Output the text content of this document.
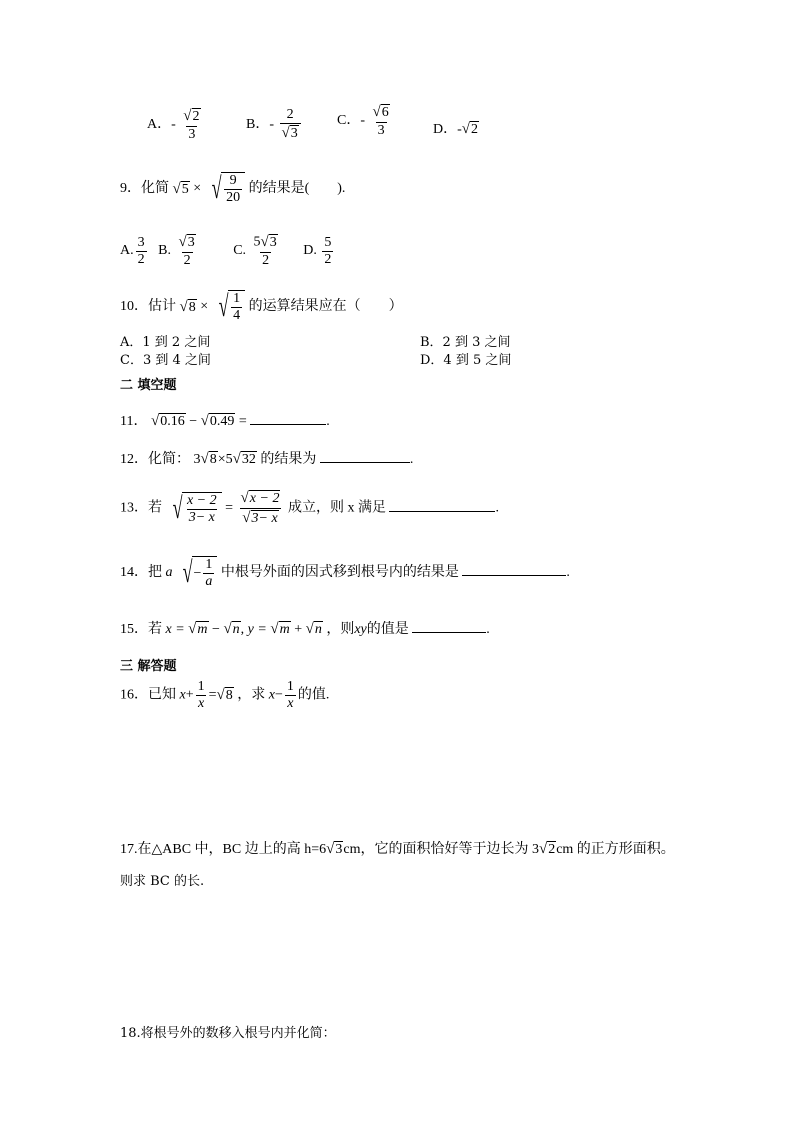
A．- $\frac{√ 2}{3}$	B．- $\frac{2}{√ 3}$	C．- $\frac{√ 6}{3}$	D．- √ 2
9．化简 √ 5 × √ $\frac{9}{20}$ 的结果是(　　).
A. $\frac{3}{2} B$. $\frac{√ 3}{2}$	C. $\frac{5 √ 3}{2} D$. $\frac{5}{2}$
10．估计 √ 8 × √ $\frac{1}{4}$ 的运算结果应在（　　）
A．1 到 2 之间	B．2 到 3 之间
C．3 到 4 之间	D．4 到 5 之间
二 填空题
11． √ 0.16 − √ 0.49 =	.
12．化简： 3 √ 8 ×5 √ 32 的结果为	.
13．若 √ $\frac{x - 2}{3- x} = \frac{√ x - 2}{√ 3- x}$ 成立，则 x 满足	.
14．把 a √ − $\frac{1}{a}$ 中根号外面的因式移到根号内的结果是	.
15．若 x = √ m − √ n , y = √ m + √ n ，则xy的值是	.
三 解答题
16．已知 $x+ \frac{1}{x}$ = √ 8 ，求 $x- \frac{1}{x}$ 的值.
17.在△ABC 中，BC 边上的高 h=6 √ 3 cm，它的面积恰好等于边长为 3 √ 2 cm 的正方形面积。
则求 BC 的长.
18.将根号外的数移入根号内并化简：
